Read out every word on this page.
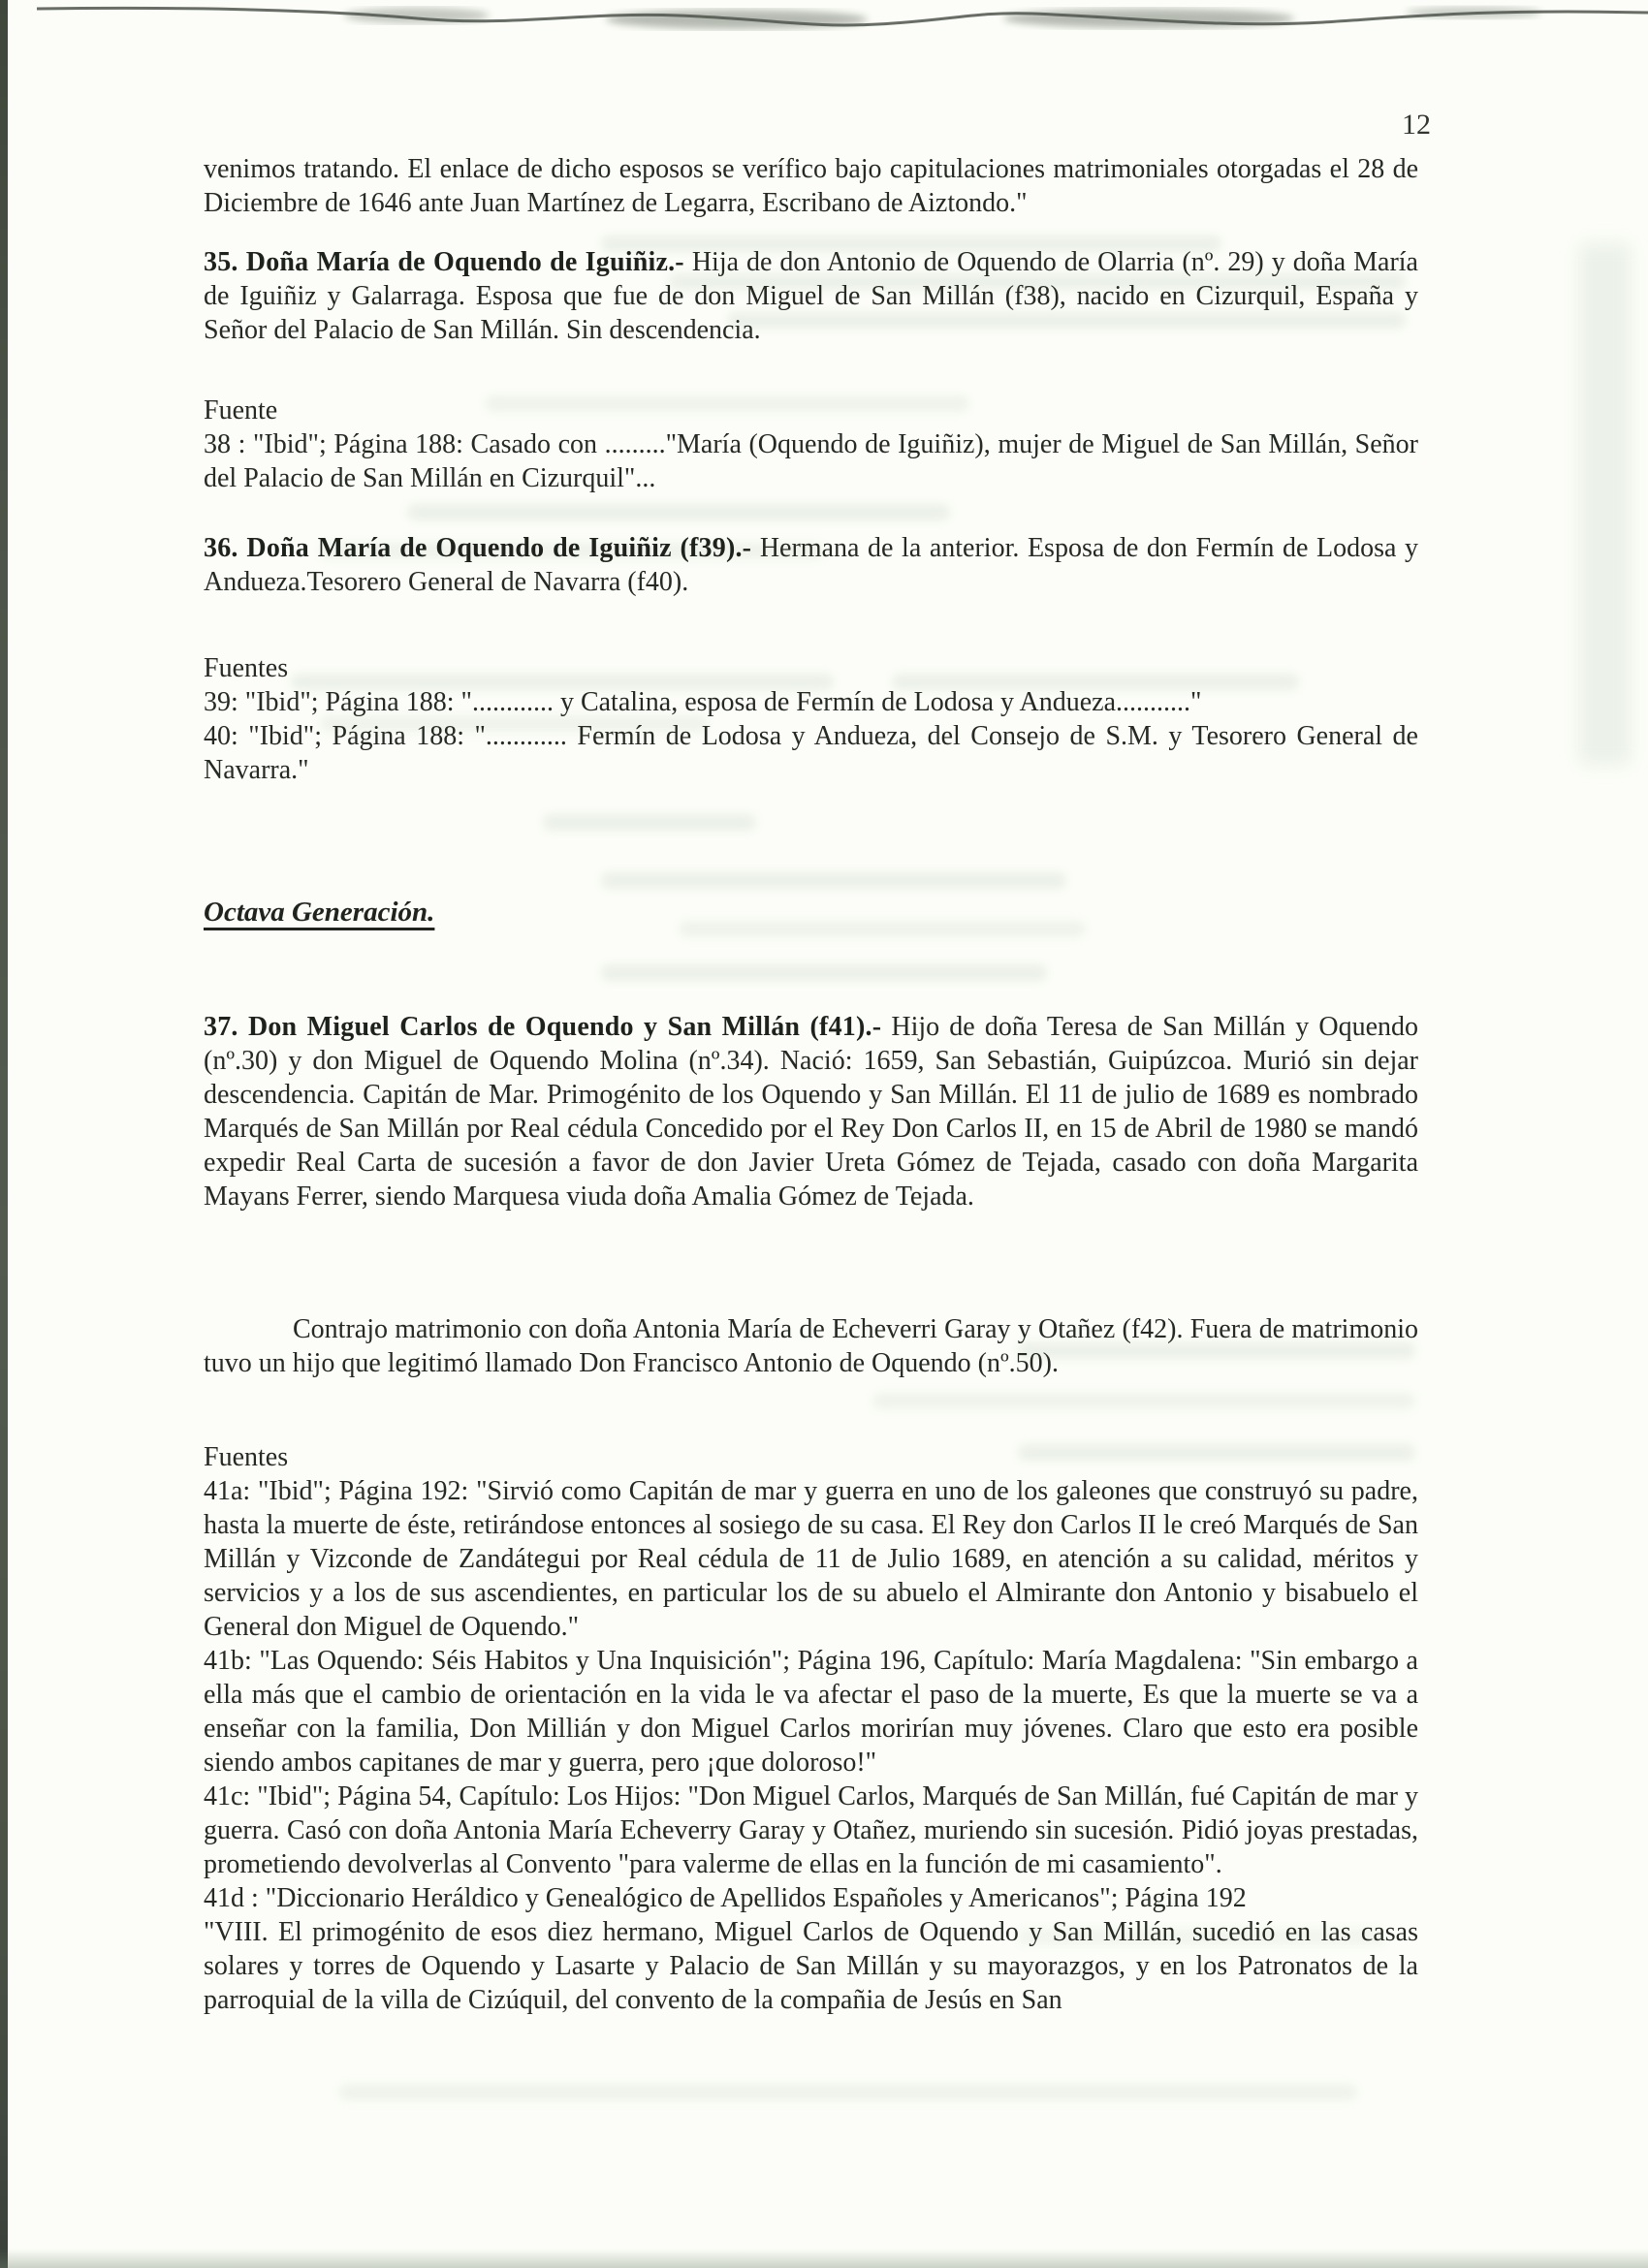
12

venimos tratando. El enlace de dicho esposos se verífico bajo capitulaciones matrimoniales otorgadas el 28 de Diciembre de 1646 ante Juan Martínez de Legarra, Escribano de Aiztondo."

35. Doña María de Oquendo de Iguiñiz.- Hija de don Antonio de Oquendo de Olarria (nº. 29) y doña María de Iguiñiz y Galarraga. Esposa que fue de don Miguel de San Millán (f38), nacido en Cizurquil, España y Señor del Palacio de San Millán. Sin descendencia.

Fuente

38 : "Ibid"; Página 188: Casado con ........."María (Oquendo de Iguiñiz), mujer de Miguel de San Millán, Señor del Palacio de San Millán en Cizurquil"...

36. Doña María de Oquendo de Iguiñiz (f39).- Hermana de la anterior. Esposa de don Fermín de Lodosa y Andueza.Tesorero General de Navarra (f40).

Fuentes

39: "Ibid"; Página 188: "............ y Catalina, esposa de Fermín de Lodosa y Andueza..........."

40: "Ibid"; Página 188: "............ Fermín de Lodosa y Andueza, del Consejo de S.M. y Tesorero General de Navarra."

Octava Generación.

37. Don Miguel Carlos de Oquendo y San Millán (f41).- Hijo de doña Teresa de San Millán y Oquendo (nº.30) y don Miguel de Oquendo Molina (nº.34). Nació: 1659, San Sebastián, Guipúzcoa. Murió sin dejar descendencia. Capitán de Mar. Primogénito de los Oquendo y San Millán. El 11 de julio de 1689 es nombrado Marqués de San Millán por Real cédula Concedido por el Rey Don Carlos II, en 15 de Abril de 1980 se mandó expedir Real Carta de sucesión a favor de don Javier Ureta Gómez de Tejada, casado con doña Margarita Mayans Ferrer, siendo Marquesa viuda doña Amalia Gómez de Tejada.

Contrajo matrimonio con doña Antonia María de Echeverri Garay y Otañez (f42). Fuera de matrimonio tuvo un hijo que legitimó llamado Don Francisco Antonio de Oquendo (nº.50).

Fuentes

41a: "Ibid"; Página 192: "Sirvió como Capitán de mar y guerra en uno de los galeones que construyó su padre, hasta la muerte de éste, retirándose entonces al sosiego de su casa. El Rey don Carlos II le creó Marqués de San Millán y Vizconde de Zandátegui por Real cédula de 11 de Julio 1689, en atención a su calidad, méritos y servicios y a los de sus ascendientes, en particular los de su abuelo el Almirante don Antonio y bisabuelo el General don Miguel de Oquendo."

41b: "Las Oquendo: Séis Habitos y Una Inquisición"; Página 196, Capítulo: María Magdalena: "Sin embargo a ella más que el cambio de orientación en la vida le va afectar el paso de la muerte, Es que la muerte se va a enseñar con la familia, Don Millián y don Miguel Carlos morirían muy jóvenes. Claro que esto era posible siendo ambos capitanes de mar y guerra, pero ¡que doloroso!"

41c: "Ibid"; Página 54, Capítulo: Los Hijos: "Don Miguel Carlos, Marqués de San Millán, fué Capitán de mar y guerra. Casó con doña Antonia María Echeverry Garay y Otañez, muriendo sin sucesión. Pidió joyas prestadas, prometiendo devolverlas al Convento "para valerme de ellas en la función de mi casamiento".

41d : "Diccionario Heráldico y Genealógico de Apellidos Españoles y Americanos"; Página 192

"VIII. El primogénito de esos diez hermano, Miguel Carlos de Oquendo y San Millán, sucedió en las casas solares y torres de Oquendo y Lasarte y Palacio de San Millán y su mayorazgos, y en los Patronatos de la parroquial de la villa de Cizúquil, del convento de la compañia de Jesús en San
